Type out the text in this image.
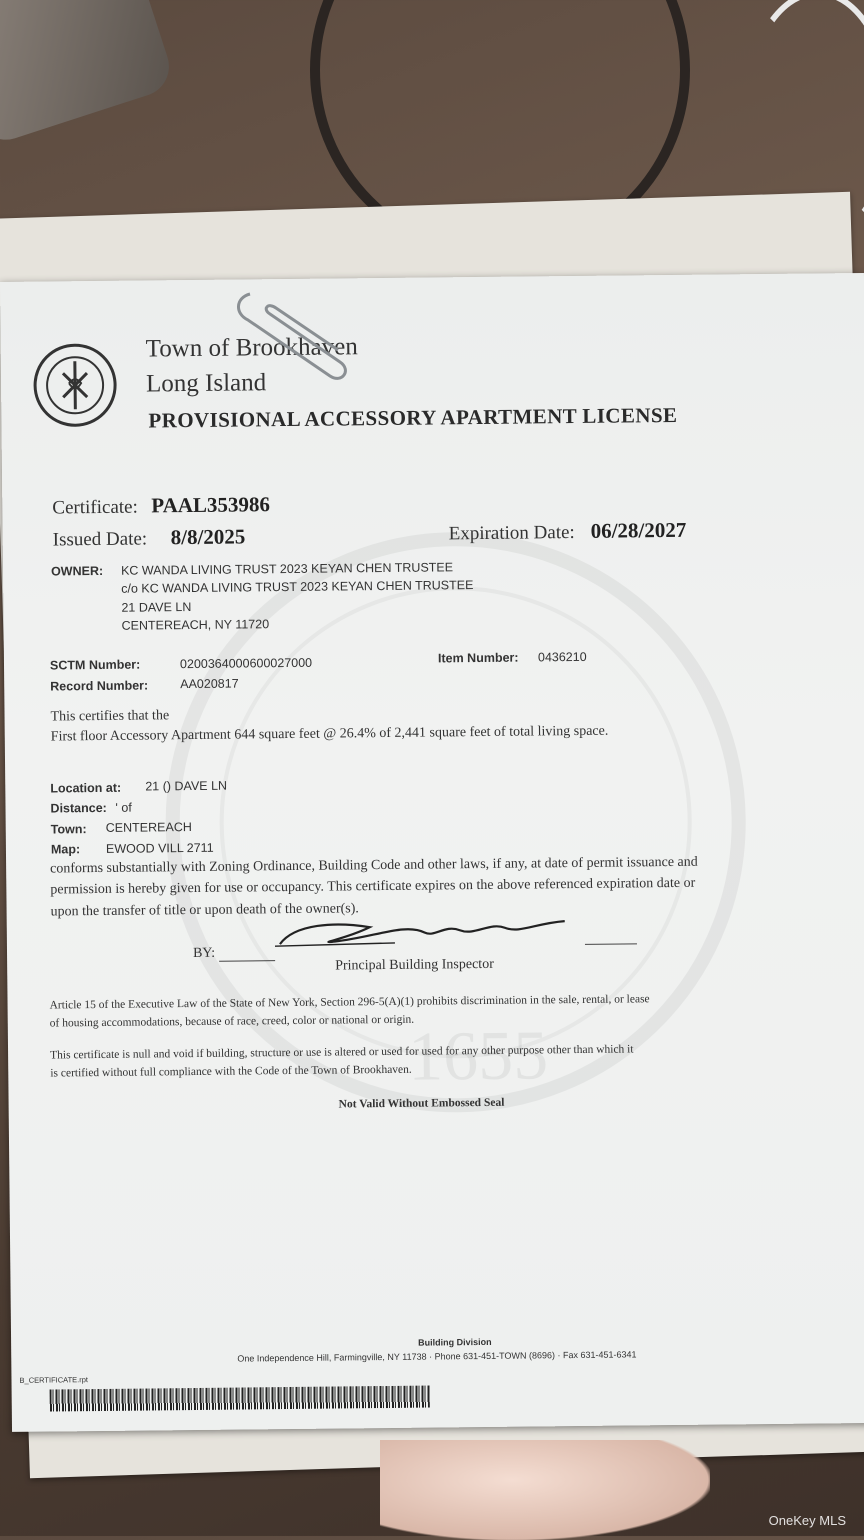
1655
Town of Brookhaven
Long Island
PROVISIONAL ACCESSORY APARTMENT LICENSE
Certificate: PAAL353986
Issued Date: 8/8/2025	Expiration Date: 06/28/2027
OWNER: KC WANDA LIVING TRUST 2023 KEYAN CHEN TRUSTEE
c/o KC WANDA LIVING TRUST 2023 KEYAN CHEN TRUSTEE
21 DAVE LN
CENTEREACH, NY 11720
SCTM Number:	0200364000600027000	Item Number: 0436210
Record Number:	AA020817
This certifies that the
First floor Accessory Apartment 644 square feet @ 26.4% of 2,441 square feet of total living space.
Location at: 21 () DAVE LN
Distance: ' of
Town: CENTEREACH
Map: EWOOD VILL 2711
conforms substantially with Zoning Ordinance, Building Code and other laws, if any, at date of permit issuance and
permission is hereby given for use or occupancy. This certificate expires on the above referenced expiration date or
upon the transfer of title or upon death of the owner(s).
BY:
Principal Building Inspector
Article 15 of the Executive Law of the State of New York, Section 296-5(A)(1) prohibits discrimination in the sale, rental, or lease
of housing accommodations, because of race, creed, color or national or origin.
This certificate is null and void if building, structure or use is altered or used for used for any other purpose other than which it
is certified without full compliance with the Code of the Town of Brookhaven.
Not Valid Without Embossed Seal
Building Division
One Independence Hill, Farmingville, NY 11738 · Phone 631-451-TOWN (8696) · Fax 631-451-6341
B_CERTIFICATE.rpt
OneKey MLS
